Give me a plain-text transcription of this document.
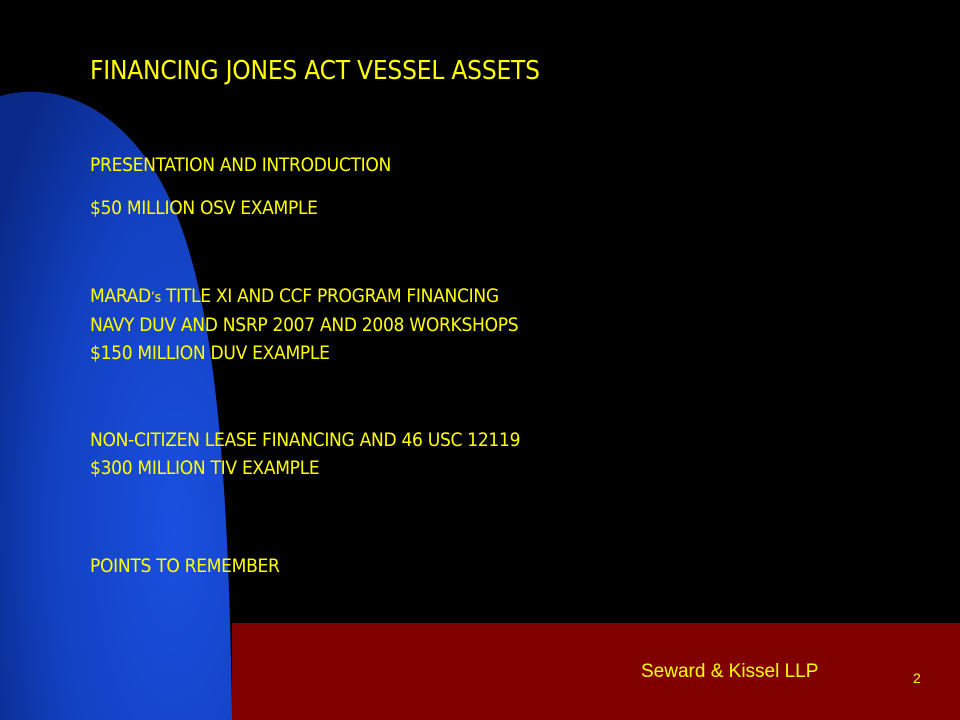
FINANCING JONES ACT VESSEL ASSETS
PRESENTATION AND INTRODUCTION
$50 MILLION OSV EXAMPLE
MARAD’s TITLE XI AND CCF PROGRAM FINANCING
NAVY DUV AND NSRP 2007 AND 2008 WORKSHOPS
$150 MILLION DUV EXAMPLE
NON-CITIZEN LEASE FINANCING AND 46 USC 12119
$300 MILLION TIV EXAMPLE
POINTS TO REMEMBER
Seward & Kissel LLP	2
